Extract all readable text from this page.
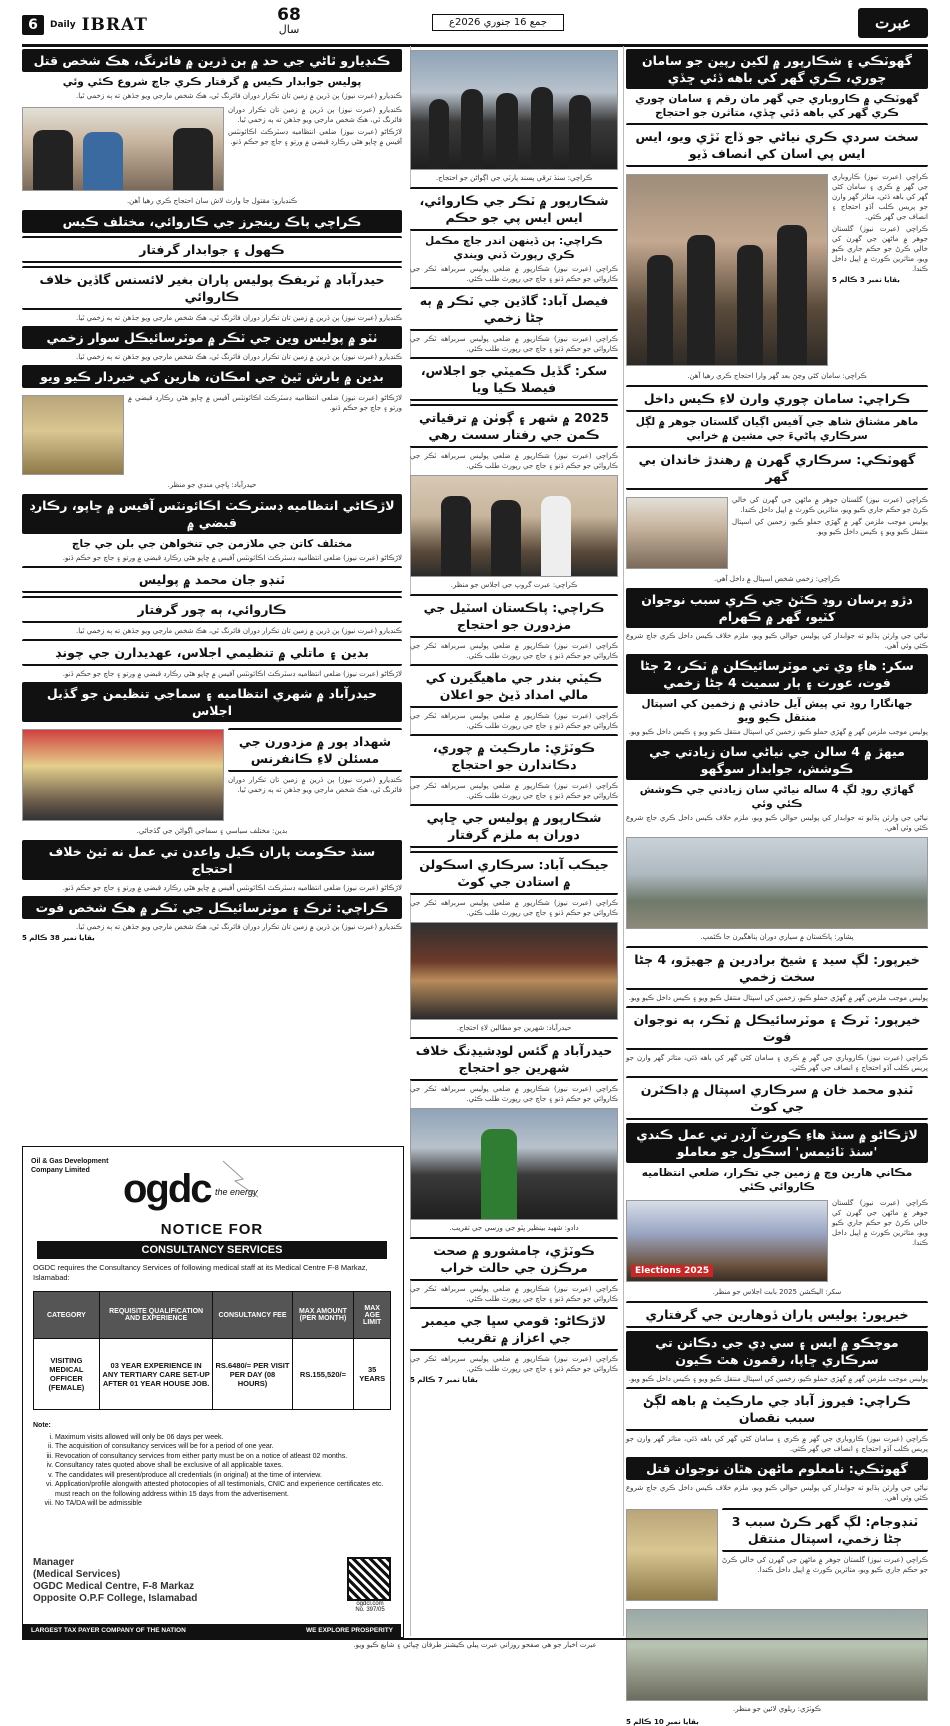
6	Daily IBRAT	68
سال
جمع 16 جنوري 2026ع	عبرت
گهوٽڪي ۽ شڪارپور ۾ لکين رپين جو سامان چوري، ڪري گهر کي باهه ڏئي ڇڏي
گهوٽڪي ۾ ڪاروباري جي گهر مان رقم ۽ سامان چوري ڪري گهر کي باهه ڏئي ڇڏي، متاثرن جو احتجاج
سخت سردي ڪري نياڻي جو ڏاج ٽڙي ويو، ايس ايس پي اسان کي انصاف ڏيو
ڪراچي (عبرت نيوز) ڪاروباري جي گهر ۾ ڪري ۽ سامان کڻي گهر کي باهه ڏئي، متاثر گهر وارن جو پريس ڪلب آڏو احتجاج ۽ انصاف جي گهر ڪئي.
ڪراچي (عبرت نيوز) گلستان جوهر ۾ ماڻهن جي گهرن کي خالي ڪرڻ جو حڪم جاري ڪيو ويو، متاثرين ڪورٽ ۾ اپيل داخل ڪندا.
بقايا نمبر 3 ڪالم 5
ڪراچي: سامان کڻي وڃڻ بعد گهر وارا احتجاج ڪري رهيا آهن.
ڪراچي: سامان چوري وارن لاءِ ڪيس داخل
ماهر مشتاق شاھ جي آفيس اڳيان گلستان جوهر ۾ لڳل سرڪاري پاڻيءَ جي مشين ۾ خرابي
گهوٽڪي: سرڪاري گهرن ۾ رهندڙ خاندان بي گهر
ڪراچي (عبرت نيوز) گلستان جوهر ۾ ماڻهن جي گهرن کي خالي ڪرڻ جو حڪم جاري ڪيو ويو، متاثرين ڪورٽ ۾ اپيل داخل ڪندا.
پوليس موجب ملزمن گهر ۾ گهڙي حملو ڪيو، زخمين کي اسپتال منتقل ڪيو ويو ۽ ڪيس داخل ڪيو ويو.
ڪراچي: زخمي شخص اسپتال ۾ داخل آهي.
دڙو پرسان روڊ ڪٽڻ جي ڪري سبب نوجوان کٽيو، گهر ۾ ڪهرام
نياڻي جي وارثن ٻڌايو ته جوابدار کي پوليس حوالي ڪيو ويو، ملزم خلاف ڪيس داخل ڪري جاچ شروع ڪئي وئي آهي.
سکر: هاءِ وي تي موٽرسائيڪلن ۾ ٽڪر، 2 ڄڻا فوت، عورت ۽ ٻار سميت 4 ڄڻا زخمي
جهانگارا روڊ تي پيش آيل حادثي ۾ زخمين کي اسپتال منتقل ڪيو ويو
پوليس موجب ملزمن گهر ۾ گهڙي حملو ڪيو، زخمين کي اسپتال منتقل ڪيو ويو ۽ ڪيس داخل ڪيو ويو.
ميهڙ ۾ 4 سالن جي نياڻي سان زيادتي جي ڪوشش، جوابدار سوگهو
گهاڙي روڊ لڳ 4 ساله نياڻي سان زيادتي جي ڪوشش ڪئي وئي
نياڻي جي وارثن ٻڌايو ته جوابدار کي پوليس حوالي ڪيو ويو، ملزم خلاف ڪيس داخل ڪري جاچ شروع ڪئي وئي آهي.
پشاور: پاڪستان ۾ سياري دوران پناهگيرن جا ڪئمپ.
خيرپور: لڳ سيد ۽ شيخ برادرين ۾ جهيڙو، 4 ڄڻا سخت زخمي
پوليس موجب ملزمن گهر ۾ گهڙي حملو ڪيو، زخمين کي اسپتال منتقل ڪيو ويو ۽ ڪيس داخل ڪيو ويو.
خيرپور: ٽرڪ ۽ موٽرسائيڪل ۾ ٽڪر، ٻه نوجوان فوت
ڪراچي (عبرت نيوز) ڪاروباري جي گهر ۾ ڪري ۽ سامان کڻي گهر کي باهه ڏئي، متاثر گهر وارن جو پريس ڪلب آڏو احتجاج ۽ انصاف جي گهر ڪئي.
ٽنڊو محمد خان ۾ سرڪاري اسپتال ۾ ڊاڪٽرن جي کوٽ
لاڙڪاڻو ۾ سنڌ هاءِ ڪورٽ آرڊر تي عمل ڪندي 'سنڌ ٽائيمس' اسڪول جو معاملو
مڪاني هارين وچ ۾ زمين جي تڪرار، ضلعي انتظاميه ڪاروائي ڪئي
ڪراچي (عبرت نيوز) گلستان جوهر ۾ ماڻهن جي گهرن کي خالي ڪرڻ جو حڪم جاري ڪيو ويو، متاثرين ڪورٽ ۾ اپيل داخل ڪندا.
Elections 2025
سکر: اليڪشن 2025 بابت اجلاس جو منظر.
خيرپور: پوليس پاران ڏوهارين جي گرفتاري
موچڪو ۾ ايس ۽ سي ڊي جي دڪانن تي سرڪاري ڇاپا، رقمون هٿ ڪيون
پوليس موجب ملزمن گهر ۾ گهڙي حملو ڪيو، زخمين کي اسپتال منتقل ڪيو ويو ۽ ڪيس داخل ڪيو ويو.
ڪراچي: فيروز آباد جي مارڪيٽ ۾ باهه لڳڻ سبب نقصان
ڪراچي (عبرت نيوز) ڪاروباري جي گهر ۾ ڪري ۽ سامان کڻي گهر کي باهه ڏئي، متاثر گهر وارن جو پريس ڪلب آڏو احتجاج ۽ انصاف جي گهر ڪئي.
گهوٽڪي: نامعلوم ماڻهن هٿان نوجوان قتل
نياڻي جي وارثن ٻڌايو ته جوابدار کي پوليس حوالي ڪيو ويو، ملزم خلاف ڪيس داخل ڪري جاچ شروع ڪئي وئي آهي.
ٽنڊوجام: لڳ گهر ڪرڻ سبب 3 ڄڻا زخمي، اسپتال منتقل
ڪراچي (عبرت نيوز) گلستان جوهر ۾ ماڻهن جي گهرن کي خالي ڪرڻ جو حڪم جاري ڪيو ويو، متاثرين ڪورٽ ۾ اپيل داخل ڪندا.
ڪوٽڙي: ريلوي لائين جو منظر.
بقايا نمبر 10 ڪالم 5
ڪراچي: سنڌ ترقي پسند پارٽي جي اڳواڻن جو احتجاج.
شڪارپور ۾ ٽڪر جي ڪاروائي، ايس ايس پي جو حڪم
ڪراچي: ٻن ڏينهن اندر جاچ مڪمل ڪري رپورٽ ڏني ويندي
ڪراچي (عبرت نيوز) شڪارپور ۾ ضلعي پوليس سربراهه ٽڪر جي ڪاروائي جو حڪم ڏنو ۽ جاچ جي رپورٽ طلب ڪئي.
فيصل آباد: گاڏين جي ٽڪر ۾ ٻه ڄڻا زخمي
ڪراچي (عبرت نيوز) شڪارپور ۾ ضلعي پوليس سربراهه ٽڪر جي ڪاروائي جو حڪم ڏنو ۽ جاچ جي رپورٽ طلب ڪئي.
سکر: گڏيل ڪميٽي جو اجلاس، فيصلا ڪيا ويا
2025 ۾ شهر ۽ ڳوٺن ۾ ترقياتي ڪمن جي رفتار سست رهي
ڪراچي (عبرت نيوز) شڪارپور ۾ ضلعي پوليس سربراهه ٽڪر جي ڪاروائي جو حڪم ڏنو ۽ جاچ جي رپورٽ طلب ڪئي.
ڪراچي: عبرت گروپ جي اجلاس جو منظر.
ڪراچي: پاڪستان اسٽيل جي مزدورن جو احتجاج
ڪراچي (عبرت نيوز) شڪارپور ۾ ضلعي پوليس سربراهه ٽڪر جي ڪاروائي جو حڪم ڏنو ۽ جاچ جي رپورٽ طلب ڪئي.
ڪيٽي بندر جي ماهيگيرن کي مالي امداد ڏيڻ جو اعلان
ڪراچي (عبرت نيوز) شڪارپور ۾ ضلعي پوليس سربراهه ٽڪر جي ڪاروائي جو حڪم ڏنو ۽ جاچ جي رپورٽ طلب ڪئي.
ڪوٽڙي: مارڪيٽ ۾ چوري، دڪاندارن جو احتجاج
ڪراچي (عبرت نيوز) شڪارپور ۾ ضلعي پوليس سربراهه ٽڪر جي ڪاروائي جو حڪم ڏنو ۽ جاچ جي رپورٽ طلب ڪئي.
شڪارپور ۾ پوليس جي ڇاپي دوران ٻه ملزم گرفتار
جيڪب آباد: سرڪاري اسڪولن ۾ استادن جي کوٽ
ڪراچي (عبرت نيوز) شڪارپور ۾ ضلعي پوليس سربراهه ٽڪر جي ڪاروائي جو حڪم ڏنو ۽ جاچ جي رپورٽ طلب ڪئي.
حيدرآباد: شهرين جو مطالبن لاءِ احتجاج.
حيدرآباد ۾ گئس لوڊشيڊنگ خلاف شهرين جو احتجاج
ڪراچي (عبرت نيوز) شڪارپور ۾ ضلعي پوليس سربراهه ٽڪر جي ڪاروائي جو حڪم ڏنو ۽ جاچ جي رپورٽ طلب ڪئي.
دادو: شهيد بينظير ڀٽو جي ورسي جي تقريب.
ڪوٽڙي، ڄامشورو ۾ صحت مرڪزن جي حالت خراب
ڪراچي (عبرت نيوز) شڪارپور ۾ ضلعي پوليس سربراهه ٽڪر جي ڪاروائي جو حڪم ڏنو ۽ جاچ جي رپورٽ طلب ڪئي.
لاڙڪاڻو: قومي سڀا جي ميمبر جي اعزاز ۾ تقريب
ڪراچي (عبرت نيوز) شڪارپور ۾ ضلعي پوليس سربراهه ٽڪر جي ڪاروائي جو حڪم ڏنو ۽ جاچ جي رپورٽ طلب ڪئي.
بقايا نمبر 7 ڪالم 5
ڪنڊيارو ٿاڻي جي حد ۾ ٻن ڌرين ۾ فائرنگ، هڪ شخص قتل
پوليس جوابدار ڪيس ۾ گرفتار ڪري جاچ شروع ڪئي وئي
ڪنڊيارو (عبرت نيوز) ٻن ڌرين ۾ زمين تان تڪرار دوران فائرنگ ٿي، هڪ شخص مارجي ويو جڏهن ته ٻه زخمي ٿيا.
ڪنڊيارو (عبرت نيوز) ٻن ڌرين ۾ زمين تان تڪرار دوران فائرنگ ٿي، هڪ شخص مارجي ويو جڏهن ته ٻه زخمي ٿيا.
لاڙڪاڻو (عبرت نيوز) ضلعي انتظاميه ڊسٽرڪٽ اڪائونٽس آفيس ۾ ڇاپو هڻي رڪارڊ قبضي ۾ ورتو ۽ جاچ جو حڪم ڏنو.
ڪنڊيارو: مقتول جا وارث لاش سان احتجاج ڪري رهيا آهن.
ڪراچي پاڪ رينجرز جي ڪاروائي، مختلف ڪيس
ڪهول ۽ جوابدار گرفتار
حيدرآباد ۾ ٽريفڪ پوليس پاران بغير لائسنس گاڏين خلاف ڪاروائي
ڪنڊيارو (عبرت نيوز) ٻن ڌرين ۾ زمين تان تڪرار دوران فائرنگ ٿي، هڪ شخص مارجي ويو جڏهن ته ٻه زخمي ٿيا.
ٺٽو ۾ پوليس وين جي ٽڪر ۾ موٽرسائيڪل سوار زخمي
ڪنڊيارو (عبرت نيوز) ٻن ڌرين ۾ زمين تان تڪرار دوران فائرنگ ٿي، هڪ شخص مارجي ويو جڏهن ته ٻه زخمي ٿيا.
بدين ۾ بارش ٿيڻ جي امڪان، هارين کي خبردار ڪيو ويو
لاڙڪاڻو (عبرت نيوز) ضلعي انتظاميه ڊسٽرڪٽ اڪائونٽس آفيس ۾ ڇاپو هڻي رڪارڊ قبضي ۾ ورتو ۽ جاچ جو حڪم ڏنو.
حيدرآباد: ڀاڄي منڊي جو منظر.
لاڙڪاڻي انتظاميه ڊسٽرڪٽ اڪائونٽس آفيس ۾ ڇاپو، رڪارڊ قبضي ۾
مختلف کاتن جي ملازمن جي تنخواهن جي بلن جي جاچ
لاڙڪاڻو (عبرت نيوز) ضلعي انتظاميه ڊسٽرڪٽ اڪائونٽس آفيس ۾ ڇاپو هڻي رڪارڊ قبضي ۾ ورتو ۽ جاچ جو حڪم ڏنو.
ٽنڊو جان محمد ۾ پوليس
ڪاروائي، ٻه چور گرفتار
ڪنڊيارو (عبرت نيوز) ٻن ڌرين ۾ زمين تان تڪرار دوران فائرنگ ٿي، هڪ شخص مارجي ويو جڏهن ته ٻه زخمي ٿيا.
بدين ۽ ماتلي ۾ تنظيمي اجلاس، عهديدارن جي چونڊ
لاڙڪاڻو (عبرت نيوز) ضلعي انتظاميه ڊسٽرڪٽ اڪائونٽس آفيس ۾ ڇاپو هڻي رڪارڊ قبضي ۾ ورتو ۽ جاچ جو حڪم ڏنو.
حيدرآباد ۾ شهري انتظاميه ۽ سماجي تنظيمن جو گڏيل اجلاس
شهداد پور ۾ مزدورن جي مسئلن لاءِ ڪانفرنس
ڪنڊيارو (عبرت نيوز) ٻن ڌرين ۾ زمين تان تڪرار دوران فائرنگ ٿي، هڪ شخص مارجي ويو جڏهن ته ٻه زخمي ٿيا.
بدين: مختلف سياسي ۽ سماجي اڳواڻن جي گڏجاڻي.
سنڌ حڪومت پاران ڪيل واعدن تي عمل نه ٿيڻ خلاف احتجاج
لاڙڪاڻو (عبرت نيوز) ضلعي انتظاميه ڊسٽرڪٽ اڪائونٽس آفيس ۾ ڇاپو هڻي رڪارڊ قبضي ۾ ورتو ۽ جاچ جو حڪم ڏنو.
ڪراچي: ٽرڪ ۽ موٽرسائيڪل جي ٽڪر ۾ هڪ شخص فوت
ڪنڊيارو (عبرت نيوز) ٻن ڌرين ۾ زمين تان تڪرار دوران فائرنگ ٿي، هڪ شخص مارجي ويو جڏهن ته ٻه زخمي ٿيا.
بقايا نمبر 38 ڪالم 5
Oil & Gas Development Company Limited ogdc the energy
NOTICE FOR
CONSULTANCY SERVICES
OGDC requires the Consultancy Services of following medical staff at its Medical Centre F-8 Markaz, Islamabad:
CATEGORY	REQUISITE QUALIFICATION AND EXPERIENCE	CONSULTANCY FEE	MAX AMOUNT (PER MONTH)	MAX AGE LIMIT
VISITING MEDICAL OFFICER (FEMALE)	03 YEAR EXPERIENCE IN ANY TERTIARY CARE SET-UP AFTER 01 YEAR HOUSE JOB.	RS.6480/= PER VISIT PER DAY (08 HOURS)	RS.155,520/=	35 YEARS
Note:
i. Maximum visits allowed will only be 06 days per week.
ii. The acquisition of consultancy services will be for a period of one year.
iii. Revocation of consultancy services from either party must be on a notice of atleast 02 months.
iv. Consultancy rates quoted above shall be exclusive of all applicable taxes.
v. The candidates will present/produce all credentials (in original) at the time of interview.
vi. Application/profile alongwith attested photocopies of all testimonials, CNIC and experience certificates etc. must reach on the following address within 15 days from the advertisement.
vii. No TA/DA will be admissible
Manager
(Medical Services)
OGDC Medical Centre, F-8 Markaz
Opposite O.P.F College, Islamabad	ogdcl.com
No. 397/05
LARGEST TAX PAYER COMPANY OF THE NATION	WE EXPLORE PROSPERITY
عبرت اخبار جو هي صفحو روزاني عبرت پبلي ڪيشنز طرفان ڇپائي ۽ شايع ڪيو ويو.
